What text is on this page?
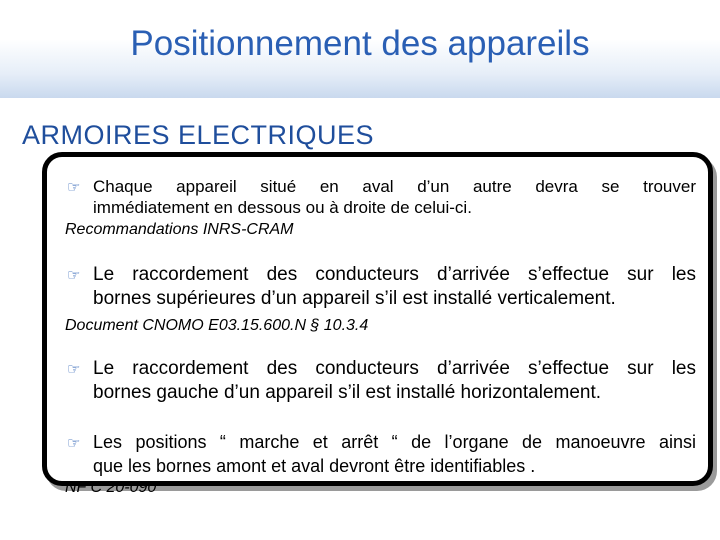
Positionnement des appareils
ARMOIRES ELECTRIQUES
☞ Chaque appareil situé en aval d’un autre devra se trouver
immédiatement en dessous ou à droite de celui-ci.
Recommandations INRS-CRAM
☞ Le raccordement des conducteurs d’arrivée s’effectue sur les
bornes supérieures d’un appareil s’il est installé verticalement.
Document CNOMO E03.15.600.N § 10.3.4
☞ Le raccordement des conducteurs d’arrivée s’effectue sur les
bornes gauche d’un appareil s’il est installé horizontalement.
☞ Les positions “ marche et arrêt “ de l’organe de manoeuvre ainsi
que les bornes amont et aval devront être identifiables .
NF C 20-090
